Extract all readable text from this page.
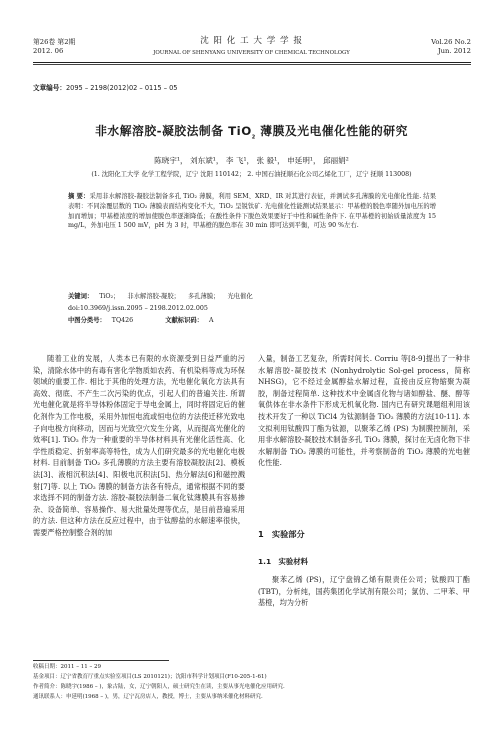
第26卷 第2期
2012. 06
沈 阳 化 工 大 学 学 报
JOURNAL OF SHENYANG UNIVERSITY OF CHEMICAL TECHNOLOGY
Vol.26 No.2
Jun. 2012
文章编号：2095 – 2198(2012)02 – 0115 – 05
非水解溶胶-凝胶法制备 TiO$_2$ 薄膜及光电催化性能的研究
陈晓宇¹， 刘东斌¹， 李 飞¹， 张 毅¹， 申延明¹， 邱丽娟²
(1. 沈阳化工大学 化学工程学院，辽宁 沈阳 110142； 2. 中国石油抚顺石化公司乙烯化工厂，辽宁 抚顺 113008)
摘 要：采用非水解溶胶-凝胶法制备多孔 TiO₂ 薄膜，利用 SEM、XRD、IR 对其进行表征，并测试多孔薄膜的光电催化性能. 结果表明：不同涂覆层数的 TiO₂ 薄膜表面结构变化不大，TiO₂ 呈锐钛矿. 光电催化性能测试结果显示：甲基橙的脱色率随外加电压的增加而增加；甲基橙浓度的增加使脱色率逐渐降低；在酸性条件下脱色效果要好于中性和碱性条件下. 在甲基橙的初始质量浓度为 15 mg/L，外加电压 1 500 mV，pH 为 3 时，甲基橙的脱色率在 30 min 即可达到平衡，可达 90 %左右.
关键词： TiO₂； 非水解溶胶-凝胶； 多孔薄膜； 光电催化
doi:10.3969/j.issn.2095 – 2198.2012.02.005
中图分类号： TQ426	文献标识码： A

随着工业的发展，人类本已有限的水资源受到日益严重的污染，清除水体中的有毒有害化学物质如农药、有机染料等成为环保领域的重要工作. 相比于其他的处理方法，光电催化氧化方法具有高效、彻底、不产生二次污染的优点，引起人们的普遍关注. 所谓光电催化就是将半导体粉体固定于导电金属上，同时将固定后的催化剂作为工作电极，采用外加恒电流或恒电位的方法使迁移光致电子向电极方向移动，因而与光致空穴发生分离，从而提高光催化的效率[1]. TiO₂ 作为一种重要的半导体材料具有光催化活性高、化学性质稳定、折射率高等特性，成为人们研究最多的光电催化电极材料. 目前制备 TiO₂ 多孔薄膜的方法主要有溶胶凝胶法[2]、模板法[3]、液相沉积法[4]、阳极电沉积法[5]、热分解法[6]和磁控溅射[7]等. 以上 TiO₂ 薄膜的制备方法各有特点，通常根据不同的要求选择不同的制备方法. 溶胶-凝胶法制备二氧化钛薄膜具有容易掺杂、设备简单、容易操作、易大批量处理等优点，是目前普遍采用的方法. 但这种方法在反应过程中，由于钛醇盐的水解速率很快，需要严格控制整合剂的加

入量，制备工艺复杂，所需时间长. Corriu 等[8-9]提出了一种非水解溶胶-凝胶技术 (Nonhydrolytic Sol-gel process，简称 NHSG)，它不经过金属醇盐水解过程，直接由反应物缩聚为凝胶，制备过程简单. 这种技术中金属卤化物与诸如醇盐、醚、醇等氧供体在非水条件下形成无机氧化物. 国内已有研究课题组利用该技术开发了一种以 TiCl4 为钛源制备 TiO₂ 薄膜的方法[10-11]. 本文拟利用钛酸四丁酯为钛源，以聚苯乙烯 (PS) 为制膜控制剂，采用非水解溶胶-凝胶技术制备多孔 TiO₂ 薄膜，探讨在无卤化物下非水解制备 TiO₂ 薄膜的可能性，并考察制备的 TiO₂ 薄膜的光电催化性能.

1　实验部分
1.1　实验材料

聚苯乙烯 (PS)，辽宁盘锦乙烯有限责任公司；钛酸四丁酯 (TBT)，分析纯，国药集团化学试剂有限公司；氯仿、二甲苯、甲基橙，均为分析

收稿日期：2011 – 11 – 29
基金项目：辽宁省教育厅重点实验室项目(LS 2010121)；沈阳市科学计划项目(F10-205-1-61)
作者简介：陈晓宇(1986 – )，象古陆，女，辽宁朝阳人，硕士研究生在读，主要从事光电催化应用研究.
通讯联系人：申延明(1968 – )，男，辽宁瓦房店人，教授，博士，主要从事纳米催化材料研究.
